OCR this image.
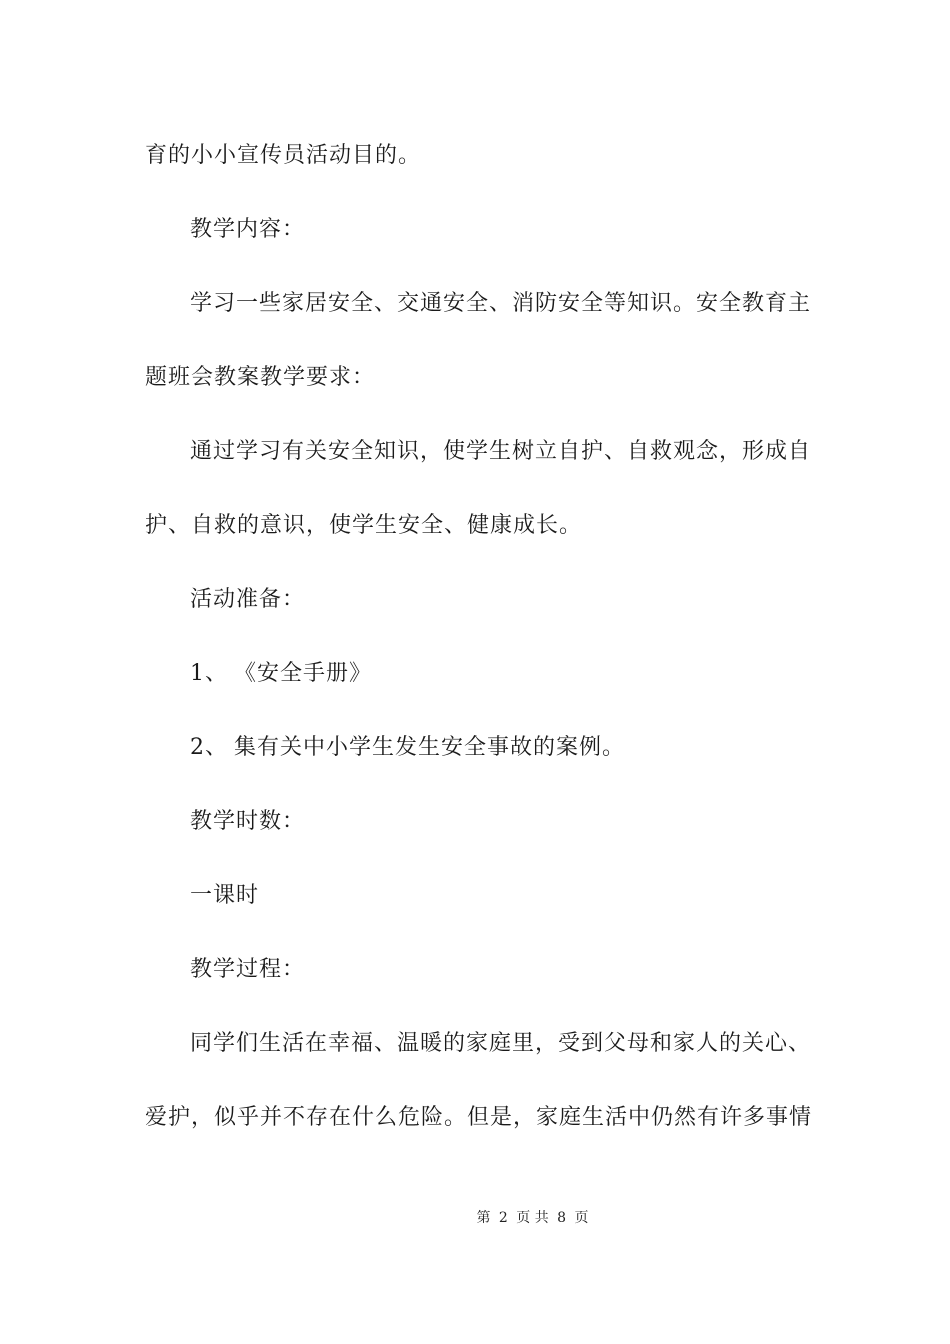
育的小小宣传员活动目的。
教学内容：
学习一些家居安全、交通安全、消防安全等知识。安全教育主
题班会教案教学要求：
通过学习有关安全知识，使学生树立自护、自救观念，形成自
护、自救的意识，使学生安全、健康成长。
活动准备：
1、 《安全手册》
2、 集有关中小学生发生安全事故的案例。
教学时数：
一课时
教学过程：
同学们生活在幸福、温暖的家庭里，受到父母和家人的关心、
爱护，似乎并不存在什么危险。但是，家庭生活中仍然有许多事情
第 2 页 共 8 页
